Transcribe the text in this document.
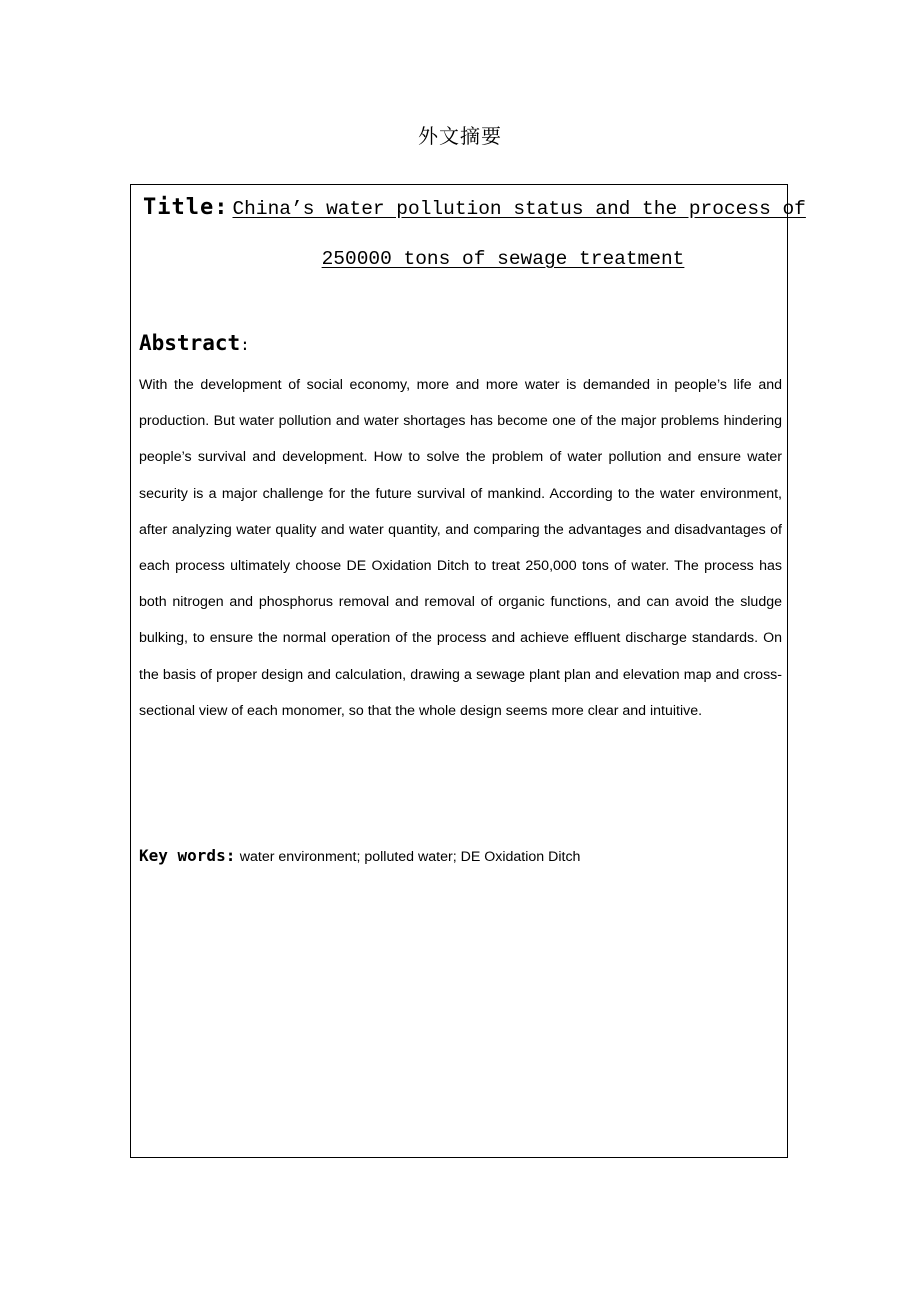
外文摘要
Title: China’s water pollution status and the process of
250000 tons of sewage treatment
Abstract:

With the development of social economy, more and more water is demanded in people’s life and production. But water pollution and water shortages has become one of the major problems hindering people’s survival and development. How to solve the problem of water pollution and ensure water security is a major challenge for the future survival of mankind. According to the water environment, after analyzing water quality and water quantity, and comparing the advantages and disadvantages of each process ultimately choose DE Oxidation Ditch to treat 250,000 tons of water. The process has both nitrogen and phosphorus removal and removal of organic functions, and can avoid the sludge bulking, to ensure the normal operation of the process and achieve effluent discharge standards. On the basis of proper design and calculation, drawing a sewage plant plan and elevation map and cross-sectional view of each monomer, so that the whole design seems more clear and intuitive.

Key words: water environment; polluted water; DE Oxidation Ditch
